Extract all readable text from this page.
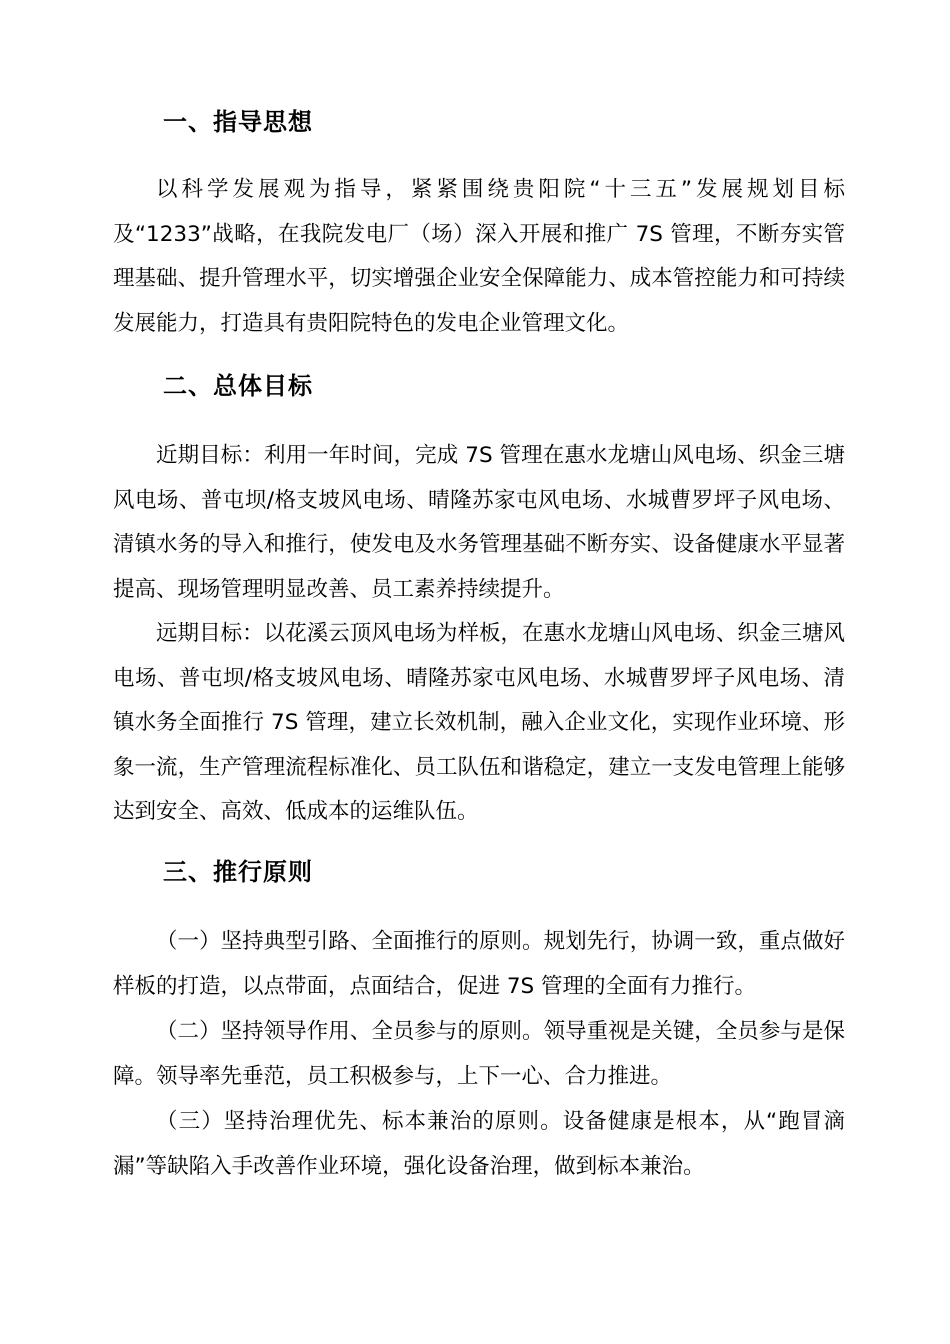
一、指导思想

以科学发展观为指导，紧紧围绕贵阳院“十三五”发展规划目标及“1233”战略，在我院发电厂（场）深入开展和推广 7S 管理，不断夯实管理基础、提升管理水平，切实增强企业安全保障能力、成本管控能力和可持续发展能力，打造具有贵阳院特色的发电企业管理文化。

二、总体目标

近期目标：利用一年时间，完成 7S 管理在惠水龙塘山风电场、织金三塘风电场、普屯坝/格支坡风电场、晴隆苏家屯风电场、水城曹罗坪子风电场、清镇水务的导入和推行，使发电及水务管理基础不断夯实、设备健康水平显著提高、现场管理明显改善、员工素养持续提升。

远期目标：以花溪云顶风电场为样板，在惠水龙塘山风电场、织金三塘风电场、普屯坝/格支坡风电场、晴隆苏家屯风电场、水城曹罗坪子风电场、清镇水务全面推行 7S 管理，建立长效机制，融入企业文化，实现作业环境、形象一流，生产管理流程标准化、员工队伍和谐稳定，建立一支发电管理上能够达到安全、高效、低成本的运维队伍。

三、推行原则

（一）坚持典型引路、全面推行的原则。规划先行，协调一致，重点做好样板的打造，以点带面，点面结合，促进 7S 管理的全面有力推行。

（二）坚持领导作用、全员参与的原则。领导重视是关键，全员参与是保障。领导率先垂范，员工积极参与，上下一心、合力推进。

（三）坚持治理优先、标本兼治的原则。设备健康是根本，从“跑冒滴漏”等缺陷入手改善作业环境，强化设备治理，做到标本兼治。
